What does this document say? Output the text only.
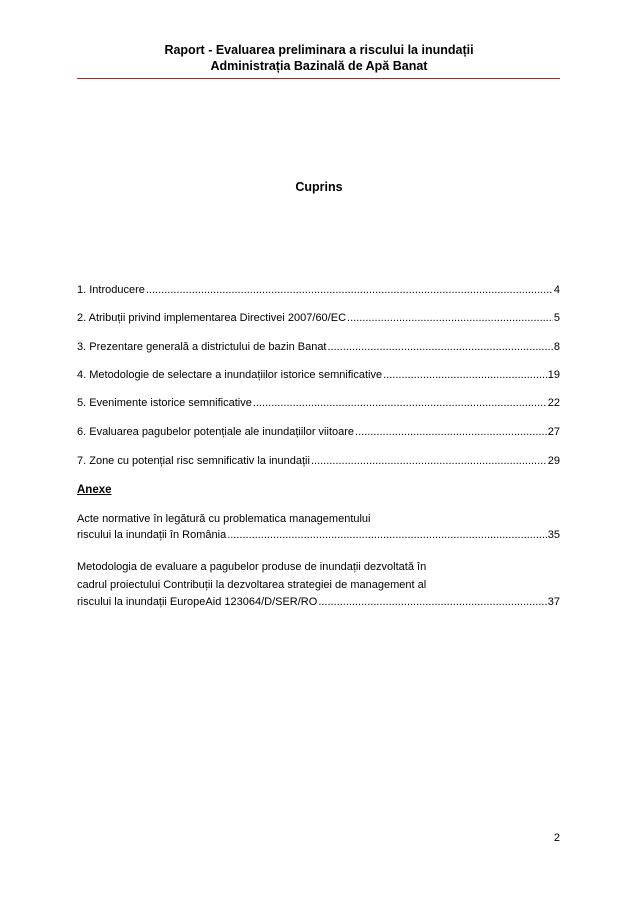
Raport - Evaluarea preliminara a riscului la inundații
Administrația Bazinală de Apă Banat
Cuprins
1. Introducere .....	4
2. Atribuții privind implementarea Directivei 2007/60/EC .....	5
3. Prezentare generală a districtului de bazin Banat .....	8
4. Metodologie de selectare a inundațiilor istorice semnificative .....	19
5. Evenimente istorice semnificative .....	22
6. Evaluarea pagubelor potențiale ale inundațiilor viitoare .....	27
7. Zone cu potențial risc semnificativ la inundații .....	29
Anexe
Acte normative în legătură cu problematica managementului
riscului la inundații în România .....	35
Metodologia de evaluare a pagubelor produse de inundații dezvoltată în
cadrul proiectului Contribuții la dezvoltarea strategiei de management al
riscului la inundații EuropeAid 123064/D/SER/RO .....	37
2
